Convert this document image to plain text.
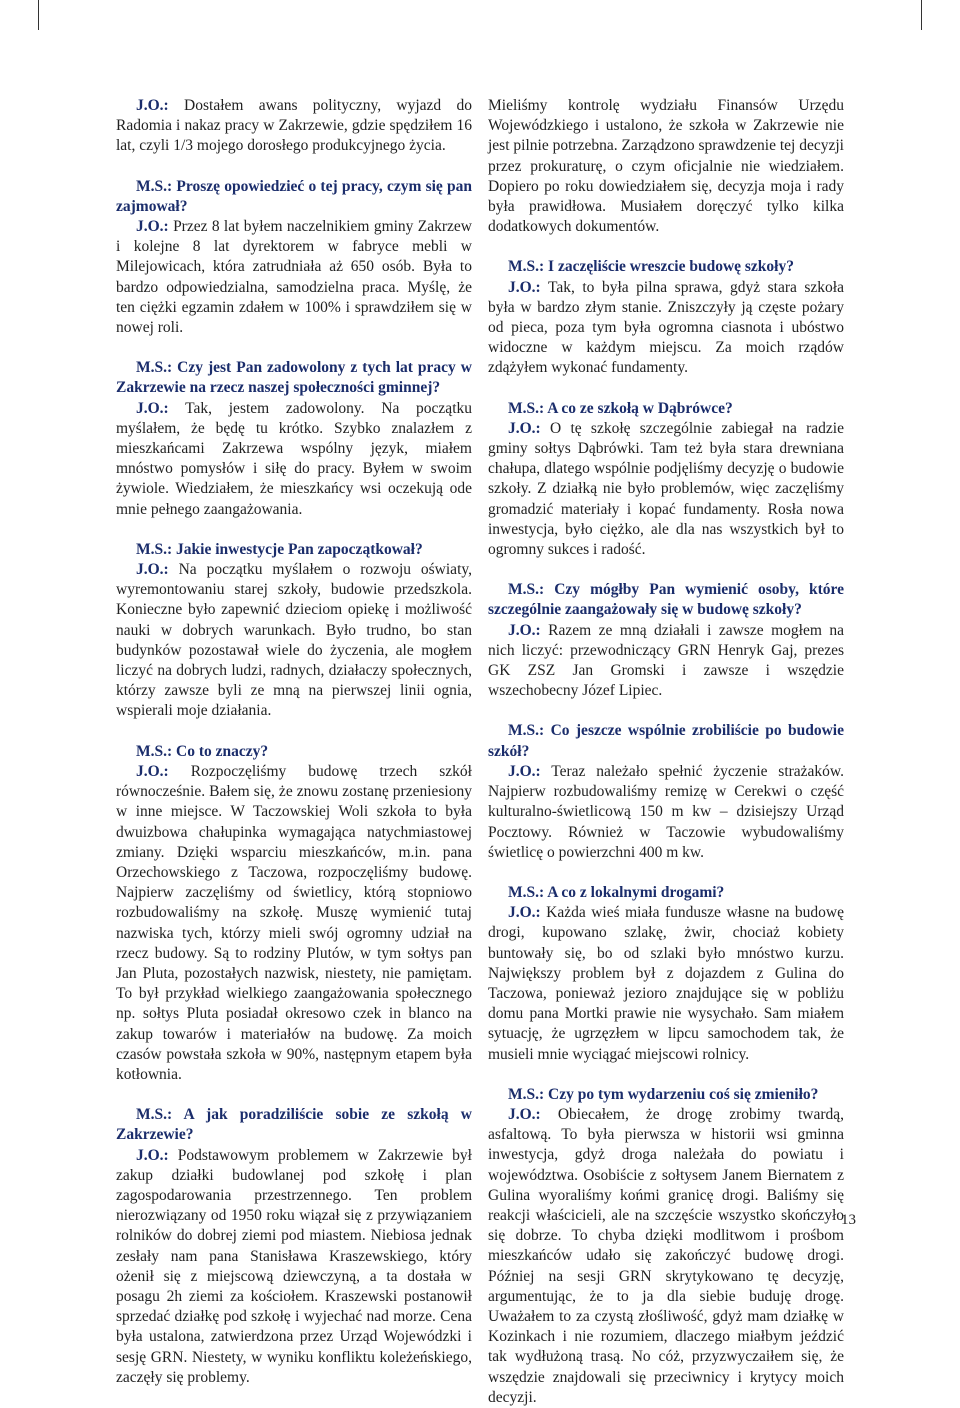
J.O.: Dostałem awans polityczny, wyjazd do Radomia i nakaz pracy w Zakrzewie, gdzie spędziłem 16 lat, czyli 1/3 mojego dorosłego produkcyjnego życia.

M.S.: Proszę opowiedzieć o tej pracy, czym się pan zajmował?

J.O.: Przez 8 lat byłem naczelnikiem gminy Zakrzew i kolejne 8 lat dyrektorem w fabryce mebli w Milejowicach, która zatrudniała aż 650 osób. Była to bardzo odpowiedzialna, samodzielna praca. Myślę, że ten ciężki egzamin zdałem w 100% i sprawdziłem się w nowej roli.

M.S.: Czy jest Pan zadowolony z tych lat pracy w Zakrzewie na rzecz naszej społeczności gminnej?

J.O.: Tak, jestem zadowolony. Na początku myślałem, że będę tu krótko. Szybko znalazłem z mieszkańcami Zakrzewa wspólny język, miałem mnóstwo pomysłów i siłę do pracy. Byłem w swoim żywiole. Wiedziałem, że mieszkańcy wsi oczekują ode mnie pełnego zaangażowania.

M.S.: Jakie inwestycje Pan zapoczątkował?

J.O.: Na początku myślałem o rozwoju oświaty, wyremontowaniu starej szkoły, budowie przedszkola. Konieczne było zapewnić dzieciom opiekę i możliwość nauki w dobrych warunkach. Było trudno, bo stan budynków pozostawał wiele do życzenia, ale mogłem liczyć na dobrych ludzi, radnych, działaczy społecznych, którzy zawsze byli ze mną na pierwszej linii ognia, wspierali moje działania.

M.S.: Co to znaczy?

J.O.: Rozpoczęliśmy budowę trzech szkół równocześnie. Bałem się, że znowu zostanę przeniesiony w inne miejsce. W Taczowskiej Woli szkoła to była dwuizbowa chałupinka wymagająca natychmiastowej zmiany. Dzięki wsparciu mieszkańców, m.in. pana Orzechowskiego z Taczowa, rozpoczęliśmy budowę. Najpierw zaczęliśmy od świetlicy, którą stopniowo rozbudowaliśmy na szkołę. Muszę wymienić tutaj nazwiska tych, którzy mieli swój ogromny udział na rzecz budowy. Są to rodziny Plutów, w tym sołtys pan Jan Pluta, pozostałych nazwisk, niestety, nie pamiętam. To był przykład wielkiego zaangażowania społecznego np. sołtys Pluta posiadał okresowo czek in blanco na zakup towarów i materiałów na budowę. Za moich czasów powstała szkoła w 90%, następnym etapem była kotłownia.

M.S.: A jak poradziliście sobie ze szkołą w Zakrzewie?

J.O.: Podstawowym problemem w Zakrzewie był zakup działki budowlanej pod szkołę i plan zagospodarowania przestrzennego. Ten problem nierozwiązany od 1950 roku wiązał się z przywiązaniem rolników do dobrej ziemi pod miastem. Niebiosa jednak zesłały nam pana Stanisława Kraszewskiego, który ożenił się z miejscową dziewczyną, a ta dostała w posagu 2h ziemi za kościołem. Kraszewski postanowił sprzedać działkę pod szkołę i wyjechać nad morze. Cena była ustalona, zatwierdzona przez Urząd Wojewódzki i sesję GRN. Niestety, w wyniku konfliktu koleżeńskiego, zaczęły się problemy.

Mieliśmy kontrolę wydziału Finansów Urzędu Wojewódzkiego i ustalono, że szkoła w Zakrzewie nie jest pilnie potrzebna. Zarządzono sprawdzenie tej decyzji przez prokuraturę, o czym oficjalnie nie wiedziałem. Dopiero po roku dowiedziałem się, decyzja moja i rady była prawidłowa. Musiałem doręczyć tylko kilka dodatkowych dokumentów.

M.S.: I zaczęliście wreszcie budowę szkoły?

J.O.: Tak, to była pilna sprawa, gdyż stara szkoła była w bardzo złym stanie. Zniszczyły ją częste pożary od pieca, poza tym była ogromna ciasnota i ubóstwo widoczne w każdym miejscu. Za moich rządów zdążyłem wykonać fundamenty.

M.S.: A co ze szkołą w Dąbrówce?

J.O.: O tę szkołę szczególnie zabiegał na radzie gminy sołtys Dąbrówki. Tam też była stara drewniana chałupa, dlatego wspólnie podjęliśmy decyzję o budowie szkoły. Z działką nie było problemów, więc zaczęliśmy gromadzić materiały i kopać fundamenty. Rosła nowa inwestycja, było ciężko, ale dla nas wszystkich był to ogromny sukces i radość.

M.S.: Czy mógłby Pan wymienić osoby, które szczególnie zaangażowały się w budowę szkoły?

J.O.: Razem ze mną działali i zawsze mogłem na nich liczyć: przewodniczący GRN Henryk Gaj, prezes GK ZSZ Jan Gromski i zawsze i wszędzie wszechobecny Józef Lipiec.

M.S.: Co jeszcze wspólnie zrobiliście po budowie szkół?

J.O.: Teraz należało spełnić życzenie strażaków. Najpierw rozbudowaliśmy remizę w Cerekwi o część kulturalno-świetlicową 150 m kw – dzisiejszy Urząd Pocztowy. Również w Taczowie wybudowaliśmy świetlicę o powierzchni 400 m kw.

M.S.: A co z lokalnymi drogami?

J.O.: Każda wieś miała fundusze własne na budowę drogi, kupowano szlakę, żwir, chociaż kobiety buntowały się, bo od szlaki było mnóstwo kurzu. Największy problem był z dojazdem z Gulina do Taczowa, ponieważ jezioro znajdujące się w pobliżu domu pana Mortki prawie nie wysychało. Sam miałem sytuację, że ugrzęzłem w lipcu samochodem tak, że musieli mnie wyciągać miejscowi rolnicy.

M.S.: Czy po tym wydarzeniu coś się zmieniło?

J.O.: Obiecałem, że drogę zrobimy twardą, asfaltową. To była pierwsza w historii wsi gminna inwestycja, gdyż droga należała do powiatu i województwa. Osobiście z sołtysem Janem Biernatem z Gulina wyoraliśmy końmi granicę drogi. Baliśmy się reakcji właścicieli, ale na szczęście wszystko skończyło się dobrze. To chyba dzięki modlitwom i prośbom mieszkańców udało się zakończyć budowę drogi. Później na sesji GRN skrytykowano tę decyzję, argumentując, że to ja dla siebie buduję drogę. Uważałem to za czystą złośliwość, gdyż mam działkę w Kozinkach i nie rozumiem, dlaczego miałbym jeździć tak wydłużoną trasą. No cóż, przyzwyczaiłem się, że wszędzie znajdowali się przeciwnicy i krytycy moich decyzji.

13
